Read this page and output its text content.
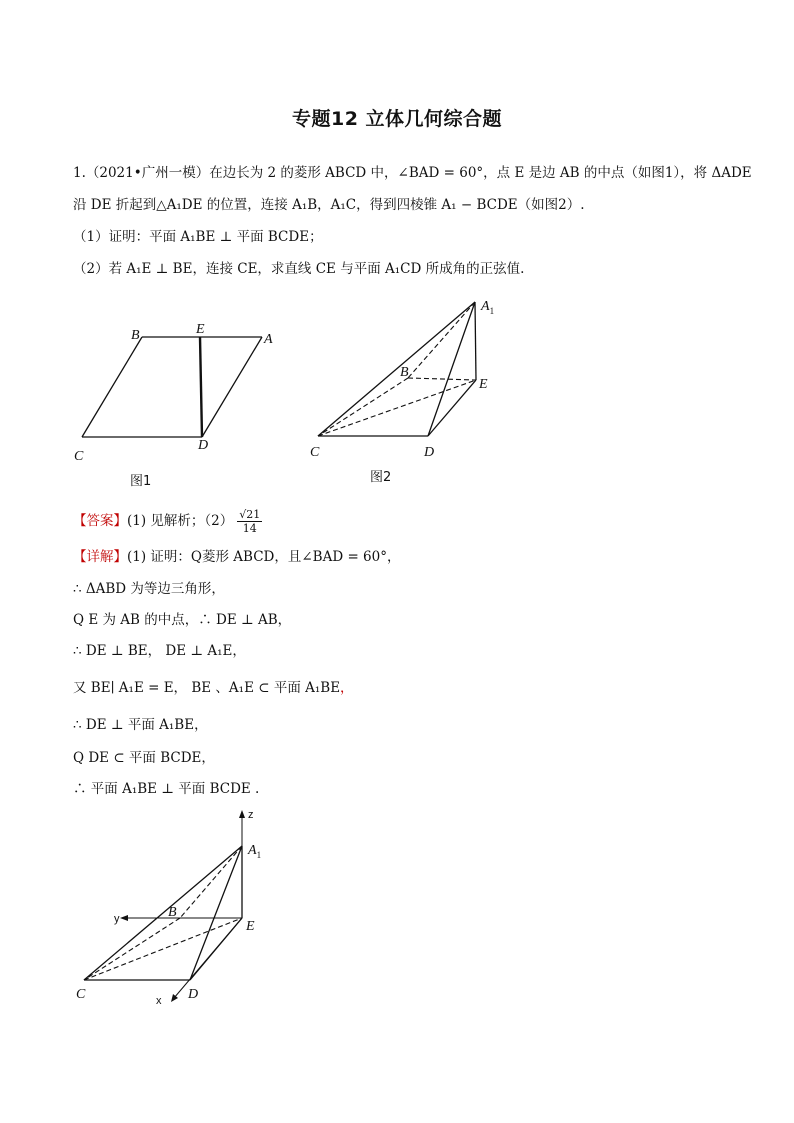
专题12 立体几何综合题
1.（2021•广州一模）在边长为 2 的菱形 ABCD 中，∠BAD = 60°，点 E 是边 AB 的中点（如图1），将 ΔADE
沿 DE 折起到△A₁DE 的位置，连接 A₁B，A₁C，得到四棱锥 A₁ − BCDE（如图2）.
（1）证明：平面 A₁BE ⊥ 平面 BCDE；
（2）若 A₁E ⊥ BE，连接 CE，求直线 CE 与平面 A₁CD 所成角的正弦值.
B	E
A
C
D
图1
$A_1$
B
E
C	D
图2
【答案】(1) 见解析；$(2) \frac{√21}{14}$
【详解】(1) 证明：Q菱形 ABCD，且∠BAD = 60°，
∴ ΔABD 为等边三角形，
Q E 为 AB 的中点，∴ DE ⊥ AB，
∴ DE ⊥ BE， DE ⊥ A₁E，
又 BE∣ A₁E = E， BE 、A₁E ⊂ 平面 A₁BE，
∴ DE ⊥ 平面 A₁BE，
Q DE ⊂ 平面 BCDE，
∴ 平面 A₁BE ⊥ 平面 BCDE .
z
y
x
$A_1$
B
E
C	D
